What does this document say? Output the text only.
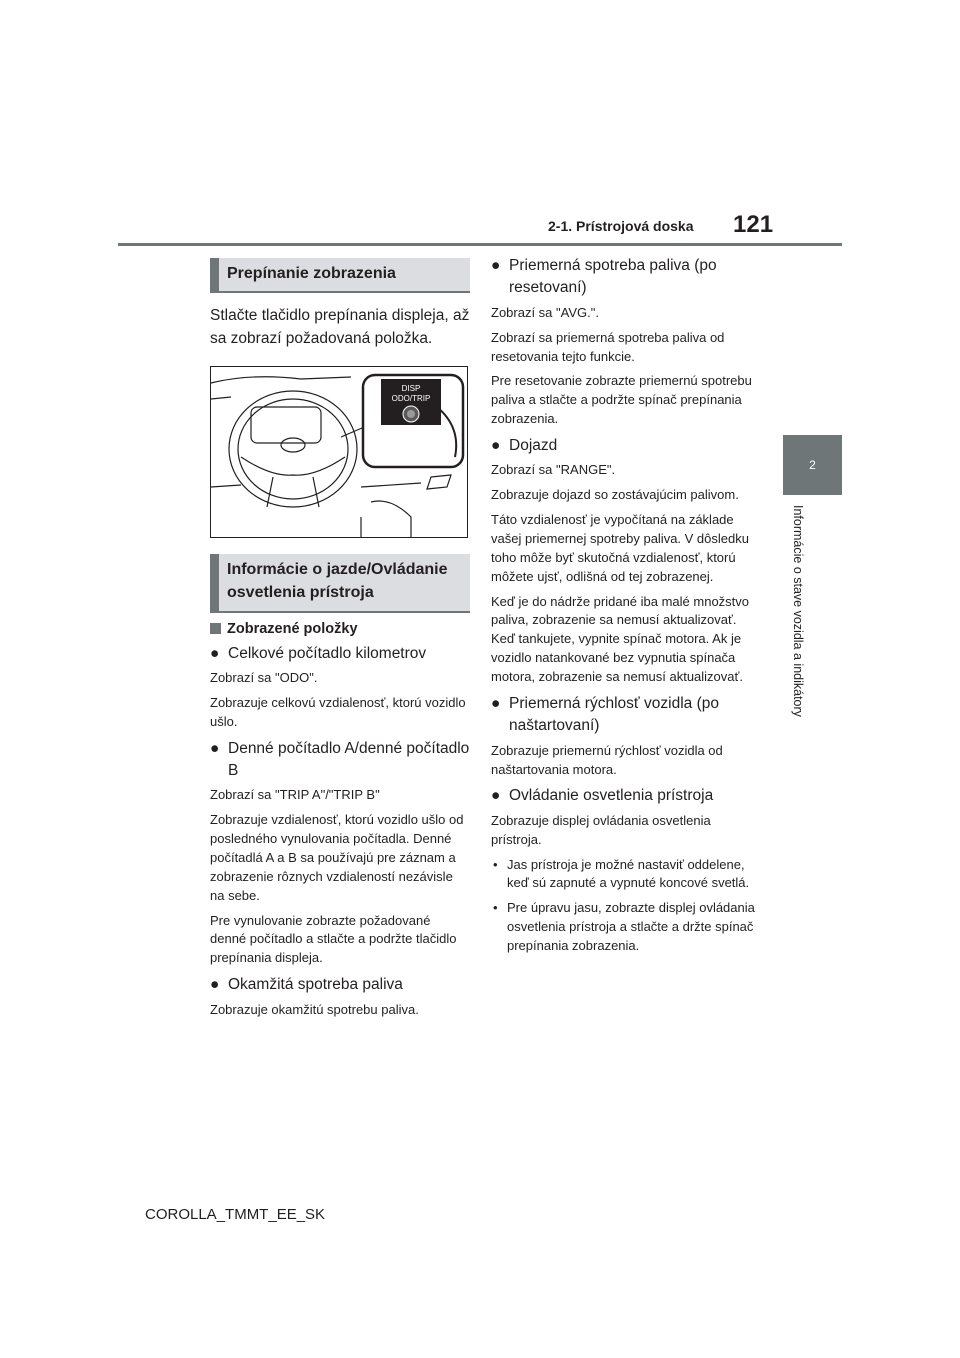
2-1. Prístrojová doska 121
2
Informácie o stave vozidla a indikátory
Prepínanie zobrazenia

Stlačte tlačidlo prepínania displeja, až sa zobrazí požadovaná položka.

DISP
ODO/TRIP
Informácie o jazde/Ovládanie osvetlenia prístroja
Zobrazené položky
● Celkové počítadlo kilometrov

Zobrazí sa "ODO".

Zobrazuje celkovú vzdialenosť, ktorú vozidlo ušlo.

● Denné počítadlo A/denné počítadlo B

Zobrazí sa "TRIP A"/"TRIP B"

Zobrazuje vzdialenosť, ktorú vozidlo ušlo od posledného vynulovania počítadla. Denné počítadlá A a B sa používajú pre záznam a zobrazenie rôznych vzdialeností nezávisle na sebe.

Pre vynulovanie zobrazte požadované denné počítadlo a stlačte a podržte tlačidlo prepínania displeja.

● Okamžitá spotreba paliva

Zobrazuje okamžitú spotrebu paliva.

● Priemerná spotreba paliva (po resetovaní)

Zobrazí sa "AVG.".

Zobrazí sa priemerná spotreba paliva od resetovania tejto funkcie.

Pre resetovanie zobrazte priemernú spotrebu paliva a stlačte a podržte spínač prepínania zobrazenia.

● Dojazd

Zobrazí sa "RANGE".

Zobrazuje dojazd so zostávajúcim palivom.

Táto vzdialenosť je vypočítaná na základe vašej priemernej spotreby paliva. V dôsledku toho môže byť skutočná vzdialenosť, ktorú môžete ujsť, odlišná od tej zobrazenej.

Keď je do nádrže pridané iba malé množstvo paliva, zobrazenie sa nemusí aktualizovať. Keď tankujete, vypnite spínač motora. Ak je vozidlo natankované bez vypnutia spínača motora, zobrazenie sa nemusí aktualizovať.

● Priemerná rýchlosť vozidla (po naštartovaní)

Zobrazuje priemernú rýchlosť vozidla od naštartovania motora.

● Ovládanie osvetlenia prístroja

Zobrazuje displej ovládania osvetlenia prístroja.

• Jas prístroja je možné nastaviť oddelene, keď sú zapnuté a vypnuté koncové svetlá.
• Pre úpravu jasu, zobrazte displej ovládania osvetlenia prístroja a stlačte a držte spínač prepínania zobrazenia.
COROLLA_TMMT_EE_SK
